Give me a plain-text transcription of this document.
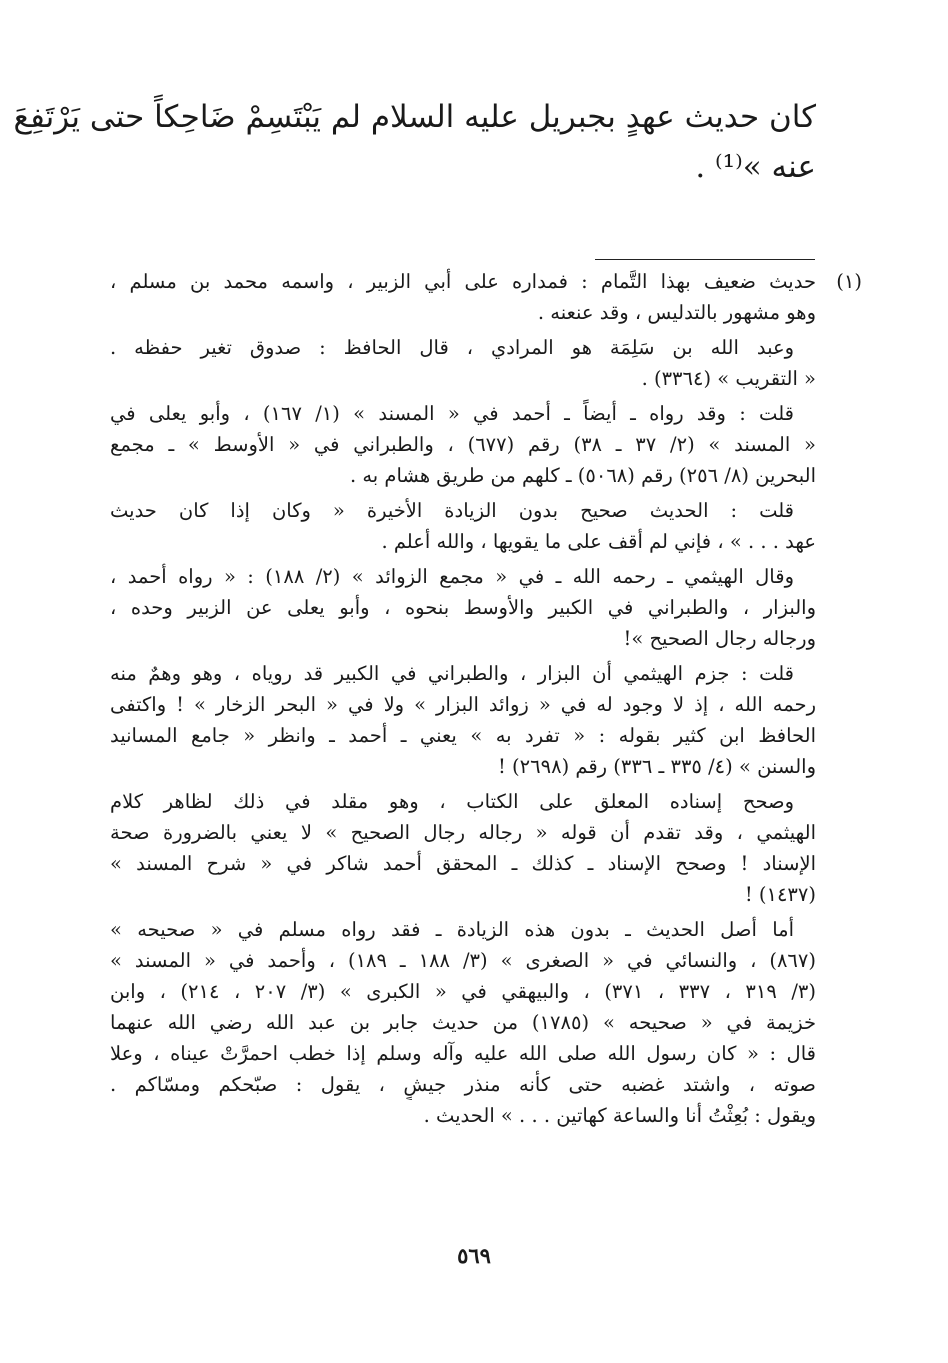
كان حديث عهدٍ بجبريل عليه السلام لم يَبْتَسِمْ ضَاحِكاً حتى يَرْتَفِعَ
عنه »⁽¹⁾ .
(١)
حديث ضعيف بهذا التَّمام : فمداره على أبي الزبير ، واسمه محمد بن مسلم ،
وهو مشهور بالتدليس ، وقد عنعنه .
وعبد الله بن سَلِمَة هو المرادي ، قال الحافظ : صدوق تغير حفظه .
« التقريب » (٣٣٦٤) .
قلت : وقد رواه ـ أيضاً ـ أحمد في « المسند » (١/ ١٦٧) ، وأبو يعلى في
« المسند » (٢/ ٣٧ ـ ٣٨) رقم (٦٧٧) ، والطبراني في « الأوسط » ـ مجمع
البحرين (٨/ ٢٥٦) رقم (٥٠٦٨) ـ كلهم من طريق هشام به .
قلت : الحديث صحيح بدون الزيادة الأخيرة « وكان إذا كان حديث
عهد . . . » ، فإني لم أقف على ما يقويها ، والله أعلم .
وقال الهيثمي ـ رحمه الله ـ في « مجمع الزوائد » (٢/ ١٨٨) : « رواه أحمد ،
والبزار ، والطبراني في الكبير والأوسط بنحوه ، وأبو يعلى عن الزبير وحده ،
ورجاله رجال الصحيح »!
قلت : جزم الهيثمي أن البزار ، والطبراني في الكبير قد روياه ، وهو وهمٌ منه
رحمه الله ، إذ لا وجود له في « زوائد البزار » ولا في « البحر الزخار » ! واكتفى
الحافظ ابن كثير بقوله : « تفرد به » يعني ـ أحمد ـ وانظر « جامع المسانيد
والسنن » (٤/ ٣٣٥ ـ ٣٣٦) رقم (٢٦٩٨) !
وصحح إسناده المعلق على الكتاب ، وهو مقلد في ذلك لظاهر كلام
الهيثمي ، وقد تقدم أن قوله « رجاله رجال الصحيح » لا يعني بالضرورة صحة
الإسناد ! وصحح الإسناد ـ كذلك ـ المحقق أحمد شاكر في « شرح المسند »
(١٤٣٧) !
أما أصل الحديث ـ بدون هذه الزيادة ـ فقد رواه مسلم في « صحيحه »
(٨٦٧) ، والنسائي في « الصغرى » (٣/ ١٨٨ ـ ١٨٩) ، وأحمد في « المسند »
(٣/ ٣١٩ ، ٣٣٧ ، ٣٧١) ، والبيهقي في « الكبرى » (٣/ ٢٠٧ ، ٢١٤) ، وابن
خزيمة في « صحيحه » (١٧٨٥) من حديث جابر بن عبد الله رضي الله عنهما
قال : « كان رسول الله صلى الله عليه وآله وسلم إذا خطب احمرَّتْ عيناه ، وعلا
صوته ، واشتد غضبه حتى كأنه منذر جيشٍ ، يقول : صبّحكم ومسّاكم .
ويقول : بُعِثْتُ أنا والساعة كهاتين . . . » الحديث .
٥٦٩
